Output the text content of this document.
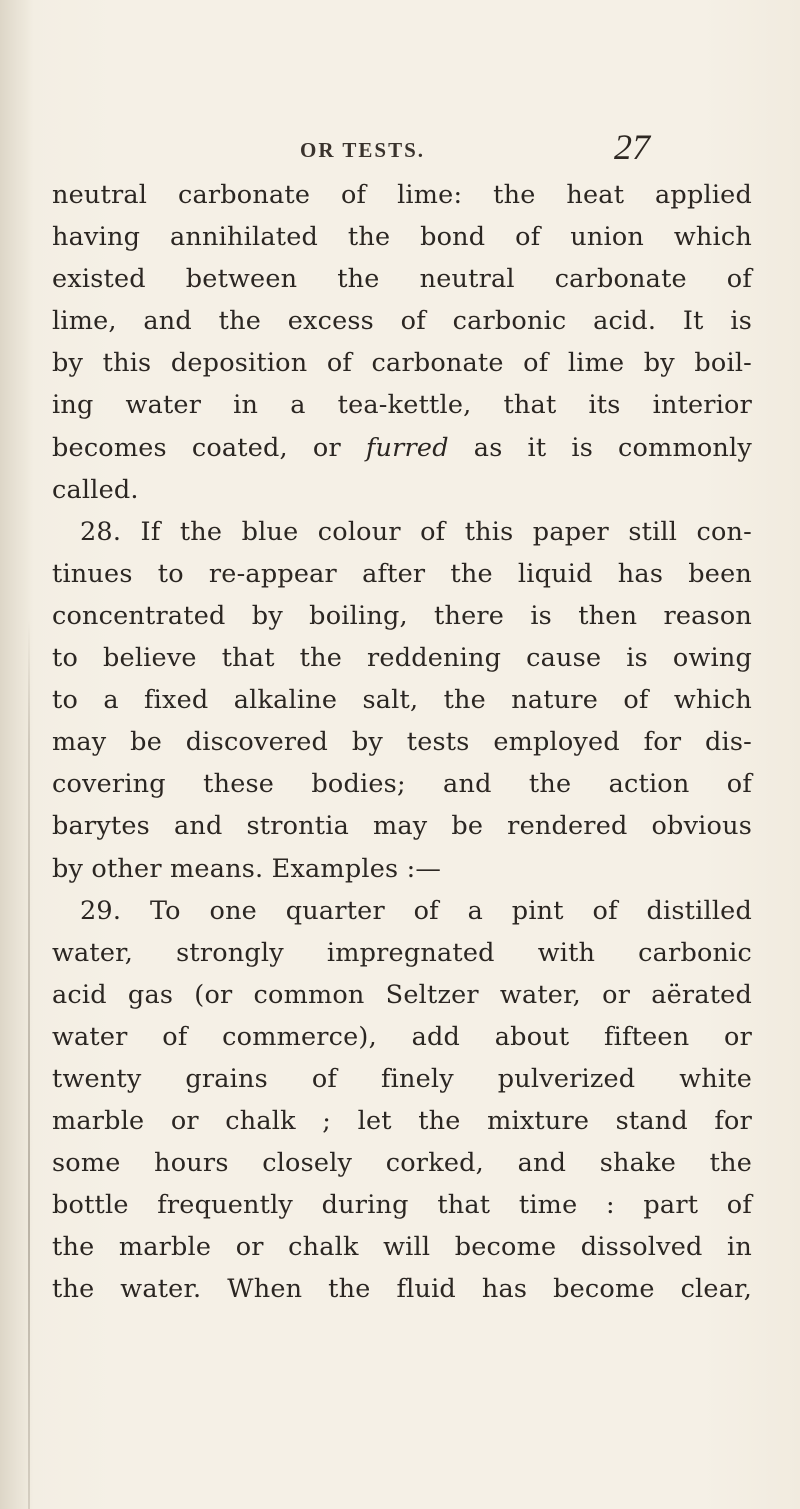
OR TESTS.	27
neutral carbonate of lime: the heat applied
having annihilated the bond of union which
existed between the neutral carbonate of
lime, and the excess of carbonic acid. It is
by this deposition of carbonate of lime by boil-
ing water in a tea-kettle, that its interior
becomes coated, or furred as it is commonly
called.
28. If the blue colour of this paper still con-
tinues to re-appear after the liquid has been
concentrated by boiling, there is then reason
to believe that the reddening cause is owing
to a fixed alkaline salt, the nature of which
may be discovered by tests employed for dis-
covering these bodies; and the action of
barytes and strontia may be rendered obvious
by other means. Examples :—
29. To one quarter of a pint of distilled
water, strongly impregnated with carbonic
acid gas (or common Seltzer water, or aërated
water of commerce), add about fifteen or
twenty grains of finely pulverized white
marble or chalk ; let the mixture stand for
some hours closely corked, and shake the
bottle frequently during that time : part of
the marble or chalk will become dissolved in
the water. When the fluid has become clear,
